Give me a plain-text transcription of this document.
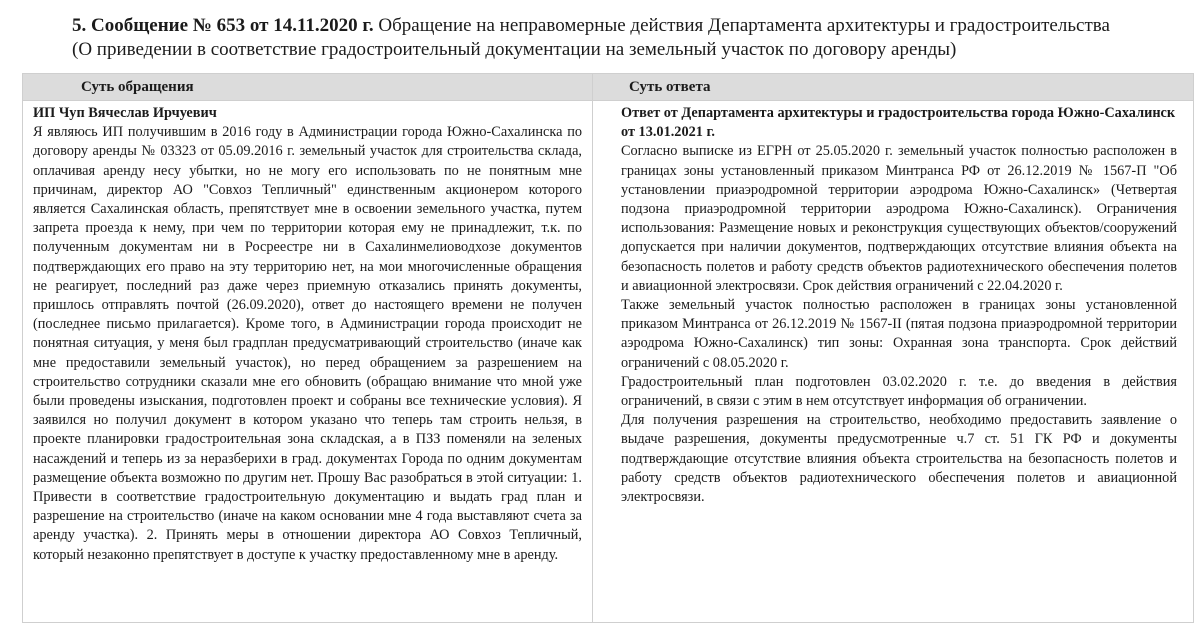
5. Сообщение № 653 от 14.11.2020 г. Обращение на неправомерные действия Департамента архитектуры и градостроительства
(О приведении в соответствие градостроительный документации на земельный участок по договору аренды)
Суть обращения
ИП Чуп Вячеслав Ирчуевич

Я являюсь ИП получившим в 2016 году в Администрации города Южно-Сахалинска по договору аренды № 03323 от 05.09.2016 г. земельный участок для строительства склада, оплачивая аренду несу убытки, но не могу его использовать по не понятным мне причинам, директор АО "Совхоз Тепличный" единственным акционером которого является Сахалинская область, препятствует мне в освоении земельного участка, путем запрета проезда к нему, при чем по территории которая ему не принадлежит, т.к. по полученным документам ни в Росреестре ни в Сахалинмелиоводхозе документов подтверждающих его право на эту территорию нет, на мои многочисленные обращения не реагирует, последний раз даже через приемную отказались принять документы, пришлось отправлять почтой (26.09.2020), ответ до настоящего времени не получен (последнее письмо прилагается). Кроме того, в Администрации города происходит не понятная ситуация, у меня был градплан предусматривающий строительство (иначе как мне предоставили земельный участок), но перед обращением за разрешением на строительство сотрудники сказали мне его обновить (обращаю внимание что мной уже были проведены изыскания, подготовлен проект и собраны все технические условия). Я заявился но получил документ в котором указано что теперь там строить нельзя, в проекте планировки градостроительная зона складская, а в ПЗЗ поменяли на зеленых насаждений и теперь из за неразберихи в град. документах Города по одним документам размещение объекта возможно по другим нет. Прошу Вас разобраться в этой ситуации: 1. Привести в соответствие градостроительную документацию и выдать град план и разрешение на строительство (иначе на каком основании мне 4 года выставляют счета за аренду участка). 2. Принять меры в отношении директора АО Совхоз Тепличный, который незаконно препятствует в доступе к участку предоставленному мне в аренду.

Суть ответа
Ответ от Департамента архитектуры и градостроительства города Южно-Сахалинск от 13.01.2021 г.

Согласно выписке из ЕГРН от 25.05.2020 г. земельный участок полностью расположен в границах зоны установленный приказом Минтранса РФ от 26.12.2019 № 1567-П "Об установлении приаэродромной территории аэродрома Южно-Сахалинск» (Четвертая подзона приаэродромной территории аэродрома Южно-Сахалинск). Ограничения использования: Размещение новых и реконструкция существующих объектов/сооружений допускается при наличии документов, подтверждающих отсутствие влияния объекта на безопасность полетов и работу средств объектов радиотехнического обеспечения полетов и авиационной электросвязи. Срок действия ограничений с 22.04.2020 г.

Также земельный участок полностью расположен в границах зоны установленной приказом Минтранса от 26.12.2019 № 1567-II (пятая подзона приаэродромной территории аэродрома Южно-Сахалинск) тип зоны: Охранная зона транспорта. Срок действий ограничений с 08.05.2020 г.

Градостроительный план подготовлен 03.02.2020 г. т.е. до введения в действия ограничений, в связи с этим в нем отсутствует информация об ограничении.

Для получения разрешения на строительство, необходимо предоставить заявление о выдаче разрешения, документы предусмотренные ч.7 ст. 51 ГК РФ и документы подтверждающие отсутствие влияния объекта строительства на безопасность полетов и работу средств объектов радиотехнического обеспечения полетов и авиационной электросвязи.
